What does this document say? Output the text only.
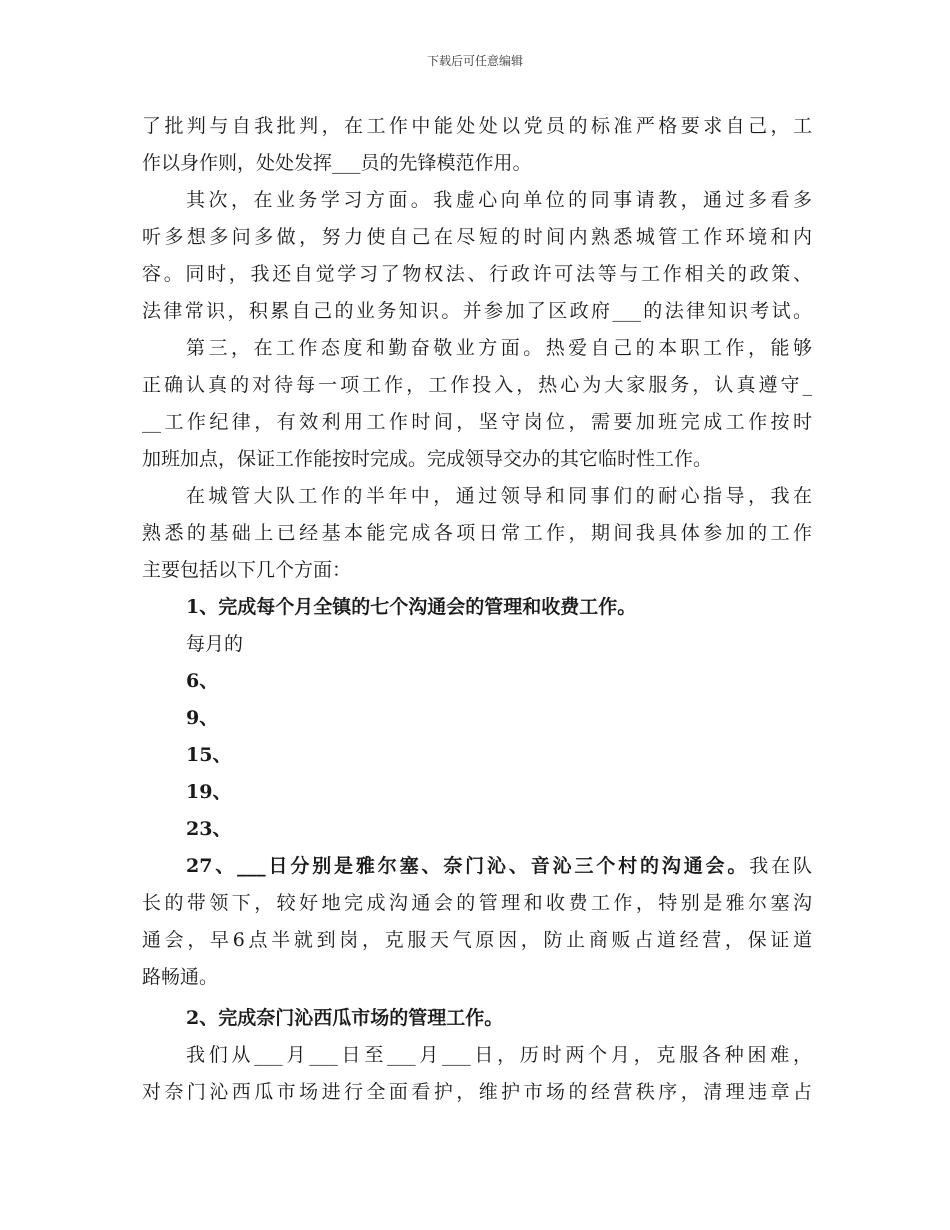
下载后可任意编辑
了批判与自我批判，在工作中能处处以党员的标准严格要求自己，工
作以身作则，处处发挥___员的先锋模范作用。
其次，在业务学习方面。我虚心向单位的同事请教，通过多看多
听多想多问多做，努力使自己在尽短的时间内熟悉城管工作环境和内
容。同时，我还自觉学习了物权法、行政许可法等与工作相关的政策、
法律常识，积累自己的业务知识。并参加了区政府___的法律知识考试。
第三，在工作态度和勤奋敬业方面。热爱自己的本职工作，能够
正确认真的对待每一项工作，工作投入，热心为大家服务，认真遵守_
__工作纪律，有效利用工作时间，坚守岗位，需要加班完成工作按时
加班加点，保证工作能按时完成。完成领导交办的其它临时性工作。
在城管大队工作的半年中，通过领导和同事们的耐心指导，我在
熟悉的基础上已经基本能完成各项日常工作，期间我具体参加的工作
主要包括以下几个方面：
1、完成每个月全镇的七个沟通会的管理和收费工作。
每月的
6、
9、
15、
19、
23、
27、___日分别是雅尔塞、奈门沁、音沁三个村的沟通会。我在队
长的带领下，较好地完成沟通会的管理和收费工作，特别是雅尔塞沟
通会，早6点半就到岗，克服天气原因，防止商贩占道经营，保证道
路畅通。
2、完成奈门沁西瓜市场的管理工作。
我们从___月___日至___月___日，历时两个月，克服各种困难，
对奈门沁西瓜市场进行全面看护，维护市场的经营秩序，清理违章占
